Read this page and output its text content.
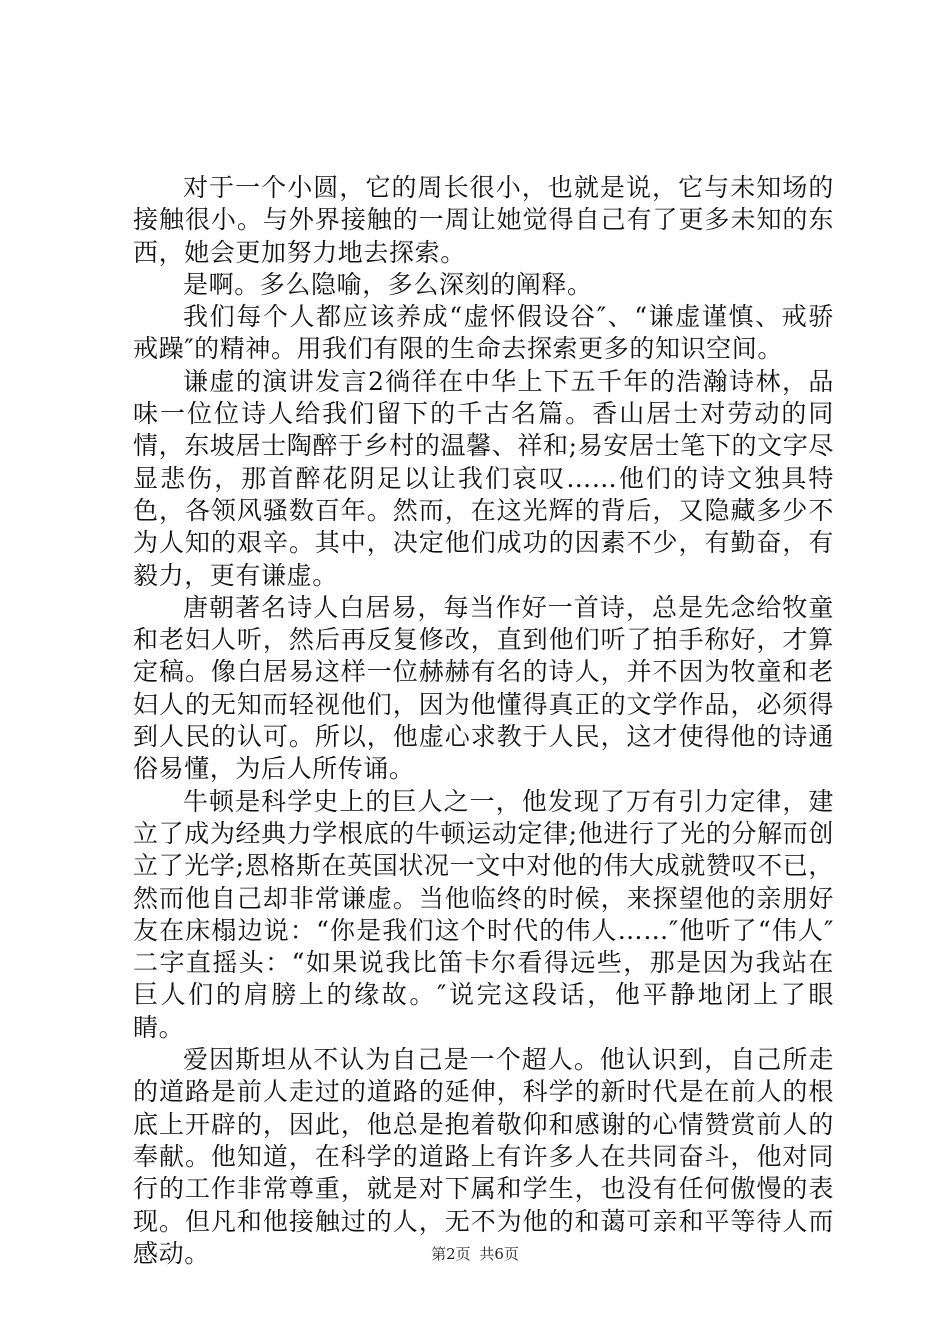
对于一个小圆，它的周长很小，也就是说，它与未知场的接触很小。与外界接触的一周让她觉得自己有了更多未知的东西，她会更加努力地去探索。

是啊。多么隐喻，多么深刻的阐释。

我们每个人都应该养成“虚怀假设谷″、“谦虚谨慎、戒骄戒躁″的精神。用我们有限的生命去探索更多的知识空间。

谦虚的演讲发言2徜徉在中华上下五千年的浩瀚诗林，品味一位位诗人给我们留下的千古名篇。香山居士对劳动的同情，东坡居士陶醉于乡村的温馨、祥和;易安居士笔下的文字尽显悲伤，那首醉花阴足以让我们哀叹……他们的诗文独具特色，各领风骚数百年。然而，在这光辉的背后，又隐藏多少不为人知的艰辛。其中，决定他们成功的因素不少，有勤奋，有毅力，更有谦虚。

唐朝著名诗人白居易，每当作好一首诗，总是先念给牧童和老妇人听，然后再反复修改，直到他们听了拍手称好，才算定稿。像白居易这样一位赫赫有名的诗人，并不因为牧童和老妇人的无知而轻视他们，因为他懂得真正的文学作品，必须得到人民的认可。所以，他虚心求教于人民，这才使得他的诗通俗易懂，为后人所传诵。

牛顿是科学史上的巨人之一，他发现了万有引力定律，建立了成为经典力学根底的牛顿运动定律;他进行了光的分解而创立了光学;恩格斯在英国状况一文中对他的伟大成就赞叹不已，然而他自己却非常谦虚。当他临终的时候，来探望他的亲朋好友在床榻边说：“你是我们这个时代的伟人……″他听了“伟人″二字直摇头：“如果说我比笛卡尔看得远些，那是因为我站在巨人们的肩膀上的缘故。″说完这段话，他平静地闭上了眼睛。

爱因斯坦从不认为自己是一个超人。他认识到，自己所走的道路是前人走过的道路的延伸，科学的新时代是在前人的根底上开辟的，因此，他总是抱着敬仰和感谢的心情赞赏前人的奉献。他知道，在科学的道路上有许多人在共同奋斗，他对同行的工作非常尊重，就是对下属和学生，也没有任何傲慢的表现。但凡和他接触过的人，无不为他的和蔼可亲和平等待人而感动。	第2页 共6页
